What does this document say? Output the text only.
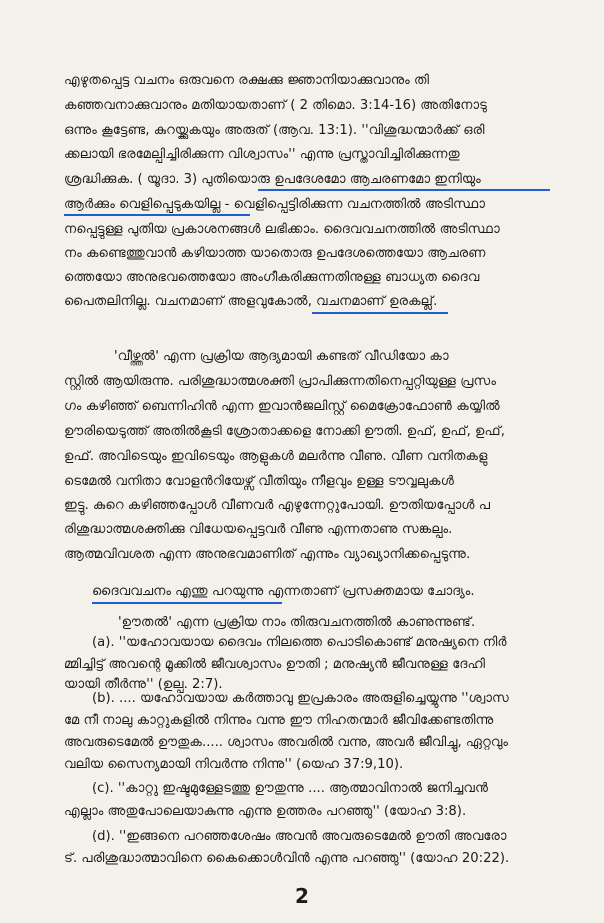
എഴുതപ്പെട്ട വചനം ഒരുവനെ രക്ഷക്കു ജ്ഞാനിയാക്കുവാനും തി
കഞ്ഞവനാക്കുവാനും മതിയായതാണ് ( 2 തിമൊ. 3:14-16) അതിനോടു
ഒന്നും കൂട്ടേണ്ട, കുറയ്ക്കുകയും അരുത് (ആവ. 13:1). ''വിശുദ്ധന്മാർക്ക് ഒരി
ക്കലായി ഭരമേല്പിച്ചിരിക്കുന്ന വിശ്വാസം'' എന്നു പ്രസ്താവിച്ചിരിക്കുന്നതു
ശ്രദ്ധിക്കുക. ( യൂദാ. 3) പുതിയൊരു ഉപദേശമോ ആചരണമോ ഇനിയും
ആർക്കും വെളിപ്പെടുകയില്ല - വെളിപ്പെട്ടിരിക്കുന്ന വചനത്തിൽ അടിസ്ഥാ
നപ്പെട്ടുള്ള പുതിയ പ്രകാശനങ്ങൾ ലഭിക്കാം. ദൈവവചനത്തിൽ അടിസ്ഥാ
നം കണ്ടെത്തുവാൻ കഴിയാത്ത യാതൊരു ഉപദേശത്തെയോ ആചരണ
ത്തെയോ അനുഭവത്തെയോ അംഗീകരിക്കുന്നതിനുള്ള ബാധ്യത ദൈവ
പൈതലിനില്ല. വചനമാണ് അളവുകോൽ, വചനമാണ് ഉരകല്ല്.
'വീഴ്ത്തൽ' എന്ന പ്രക്രിയ ആദ്യമായി കണ്ടത് വീഡിയോ കാ
സ്റ്റിൽ ആയിരുന്നു. പരിശുദ്ധാത്മശക്തി പ്രാപിക്കുന്നതിനെപ്പറ്റിയുള്ള പ്രസം
ഗം കഴിഞ്ഞ് ബെന്നിഹിൻ എന്ന ഇവാൻജലിസ്റ്റ് മൈക്രോഫോൺ കയ്യിൽ
ഊരിയെടുത്ത് അതിൽകൂടി ശ്രോതാക്കളെ നോക്കി ഊതി. ഉഫ്, ഉഫ്, ഉഫ്,
ഉഫ്. അവിടെയും ഇവിടെയും ആളുകൾ മലർന്നു വീണു. വീണ വനിതകളു
ടെമേൽ വനിതാ വോളൻറിയേഴ്സ് വീതിയും നീളവും ഉള്ള ടൗവ്വലുകൾ
ഇട്ടു. കുറെ കഴിഞ്ഞപ്പോൾ വീണവർ എഴുന്നേറ്റുപോയി. ഊതിയപ്പോൾ പ
രിശുദ്ധാത്മശക്തിക്കു വിധേയപ്പെട്ടവർ വീണു എന്നതാണു സങ്കല്പം.
ആത്മവിവശത എന്ന അനുഭവമാണിത് എന്നും വ്യാഖ്യാനിക്കപ്പെടുന്നു.
ദൈവവചനം എന്തു പറയുന്നു എന്നതാണ് പ്രസക്തമായ ചോദ്യം.
'ഊതൽ' എന്ന പ്രക്രിയ നാം തിരുവചനത്തിൽ കാണുന്നുണ്ട്.
(a). ''യഹോവയായ ദൈവം നിലത്തെ പൊടികൊണ്ട് മനുഷ്യനെ നിർ
മ്മിച്ചിട്ട് അവന്റെ മൂക്കിൽ ജീവശ്വാസം ഊതി ; മനുഷ്യൻ ജീവനുള്ള ദേഹി
യായി തീർന്നു'' (ഉല്പ. 2:7).
(b). .... യഹോവയായ കർത്താവു ഇപ്രകാരം അരുളിച്ചെയ്യുന്നു ''ശ്വാസ
മേ നീ നാലു കാറ്റുകളിൽ നിന്നും വന്നു ഈ നിഹതന്മാർ ജീവിക്കേണ്ടതിന്നു
അവരുടെമേൽ ഊതുക..... ശ്വാസം അവരിൽ വന്നു, അവർ ജീവിച്ചു, ഏറ്റവും
വലിയ സൈന്യമായി നിവർന്നു നിന്നു'' (യെഹ 37:9,10).
(c). ''കാറ്റു ഇഷ്ടമുള്ളേടത്തു ഊതുന്നു .... ആത്മാവിനാൽ ജനിച്ചവൻ
എല്ലാം അതുപോലെയാകുന്നു എന്നു ഉത്തരം പറഞ്ഞു'' (യോഹ 3:8).
(d). ''ഇങ്ങനെ പറഞ്ഞശേഷം അവൻ അവരുടെമേൽ ഊതി അവരോ
ട്. പരിശുദ്ധാത്മാവിനെ കൈക്കൊൾവിൻ എന്നു പറഞ്ഞു'' (യോഹ 20:22).
2
